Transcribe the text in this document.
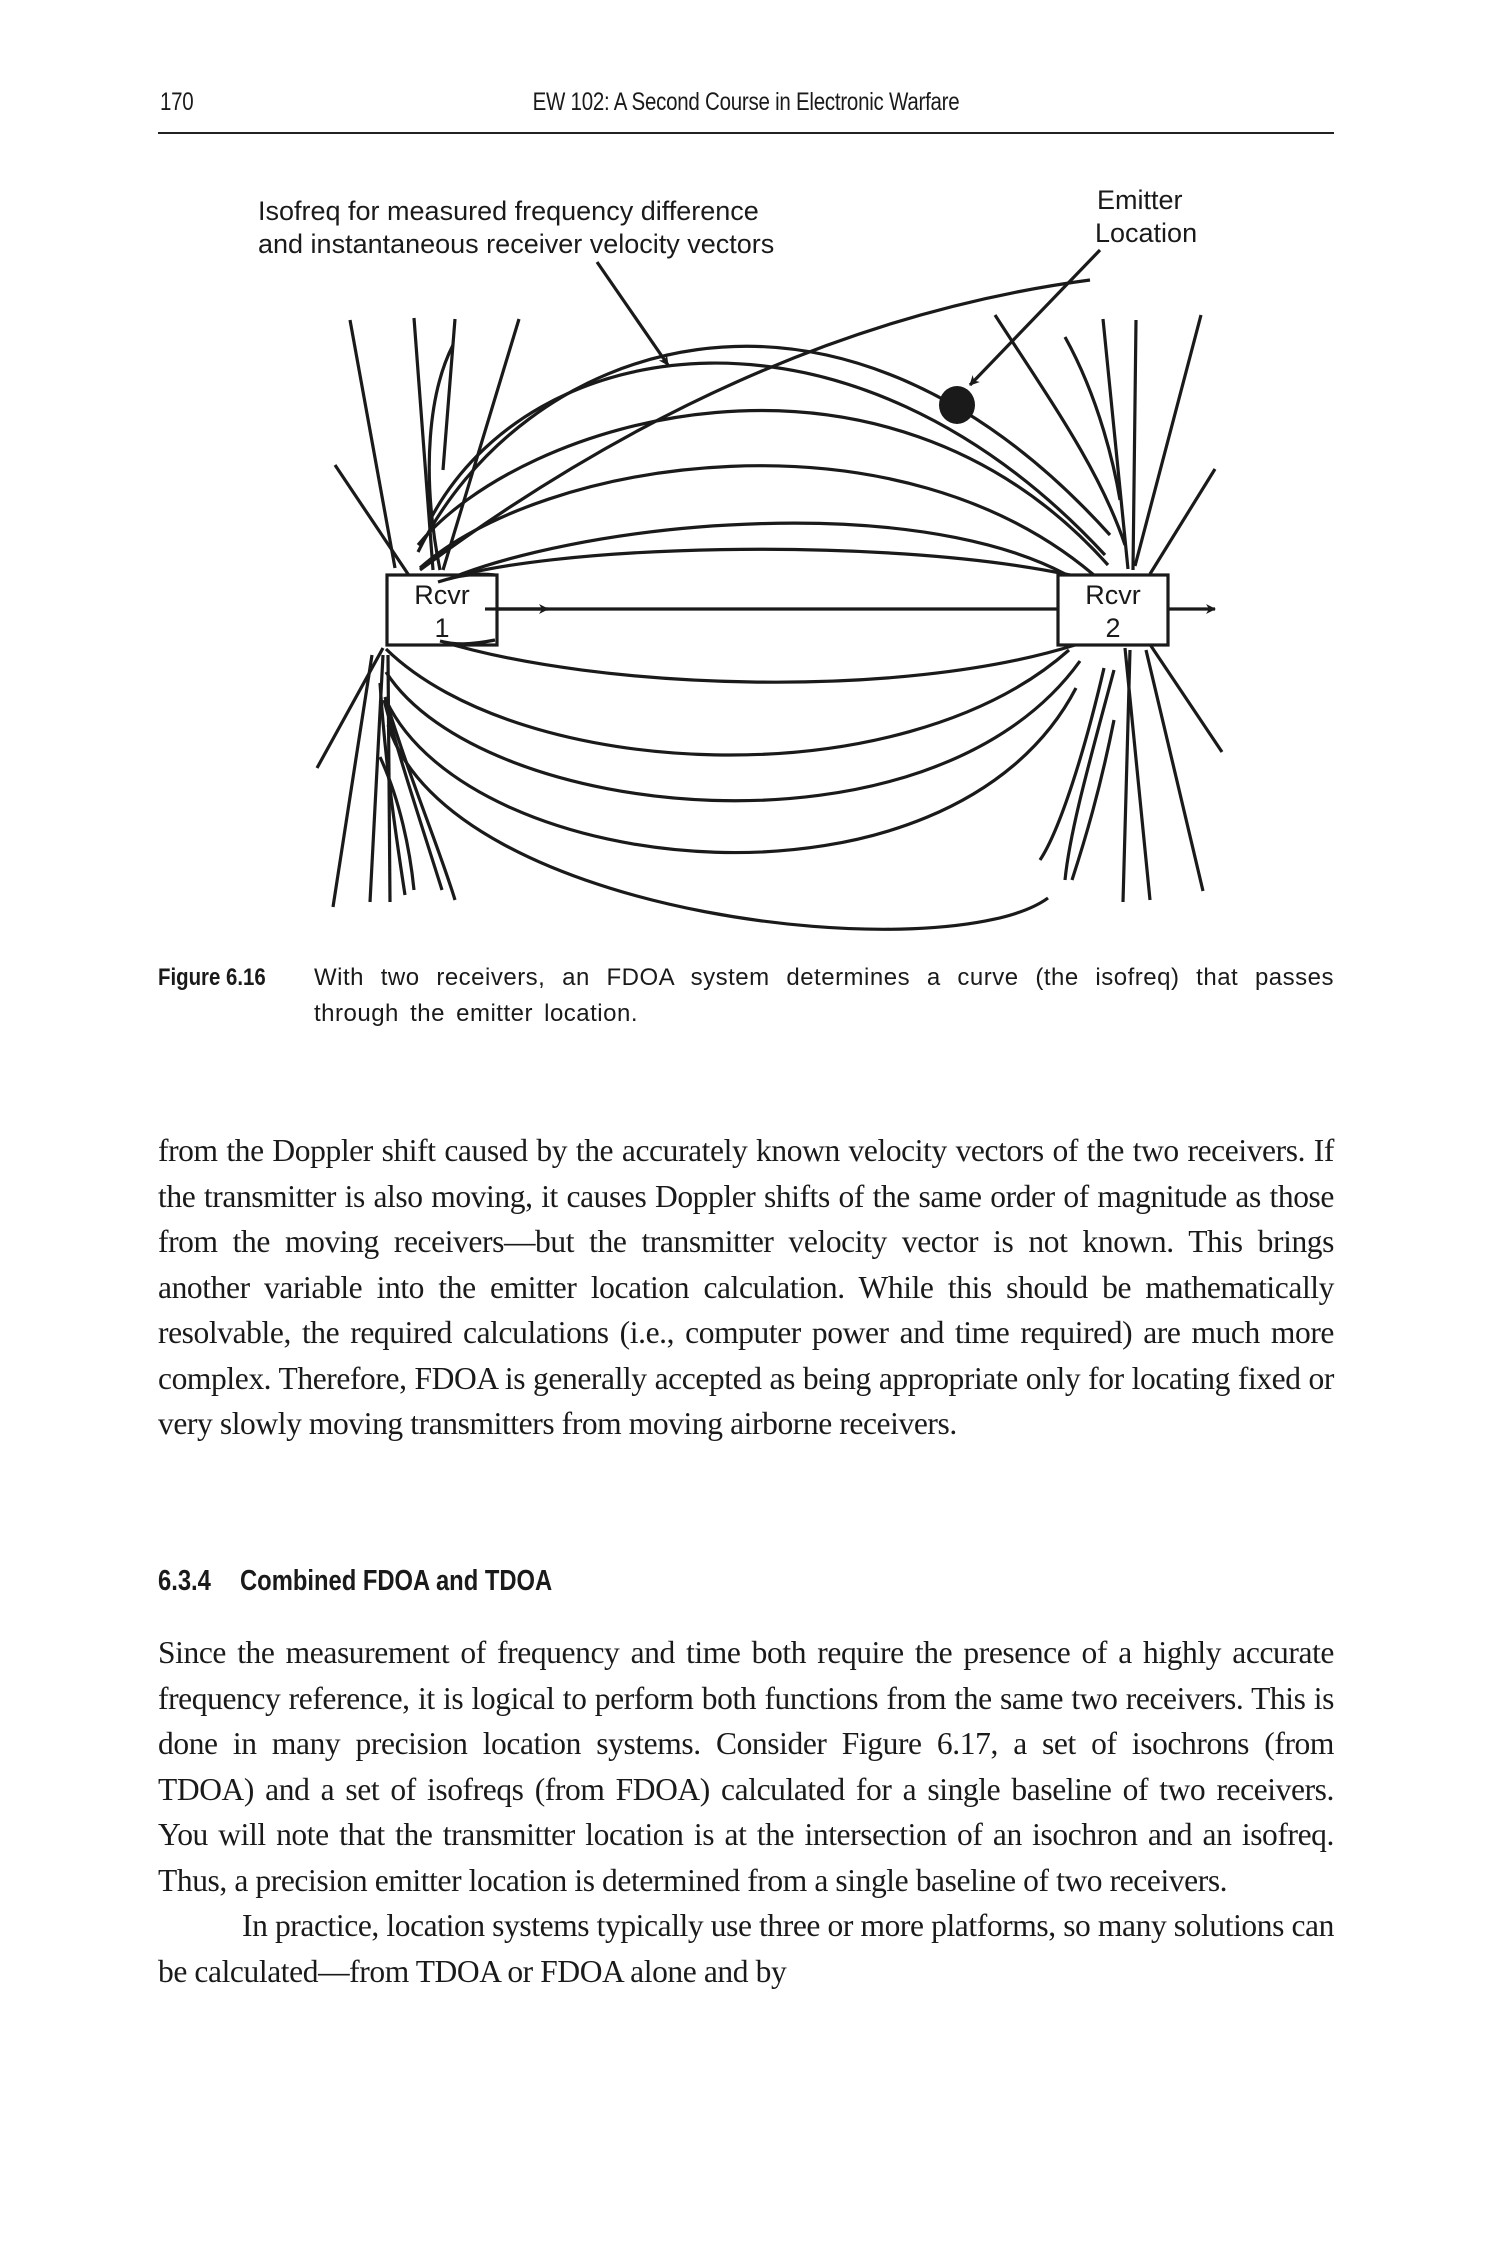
170	EW 102: A Second Course in Electronic Warfare
Rcvr
1
Rcvr
2
Isofreq for measured frequency difference
and instantaneous receiver velocity vectors
Emitter
Location
Figure 6.16 With two receivers, an FDOA system determines a curve (the isofreq) that passes through the emitter location.

from the Doppler shift caused by the accurately known velocity vectors of the two receivers. If the transmitter is also moving, it causes Doppler shifts of the same order of magnitude as those from the moving receivers—but the transmitter velocity vector is not known. This brings another variable into the emitter location calculation. While this should be mathematically resolvable, the required calculations (i.e., computer power and time required) are much more complex. Therefore, FDOA is generally accepted as being appropriate only for locating fixed or very slowly moving transmitters from moving airborne receivers.

6.3.4 Combined FDOA and TDOA

Since the measurement of frequency and time both require the presence of a highly accurate frequency reference, it is logical to perform both functions from the same two receivers. This is done in many precision location systems. Consider Figure 6.17, a set of isochrons (from TDOA) and a set of isofreqs (from FDOA) calculated for a single baseline of two receivers. You will note that the transmitter location is at the intersection of an isochron and an isofreq. Thus, a precision emitter location is determined from a single baseline of two receivers.

In practice, location systems typically use three or more platforms, so many solutions can be calculated—from TDOA or FDOA alone and by
